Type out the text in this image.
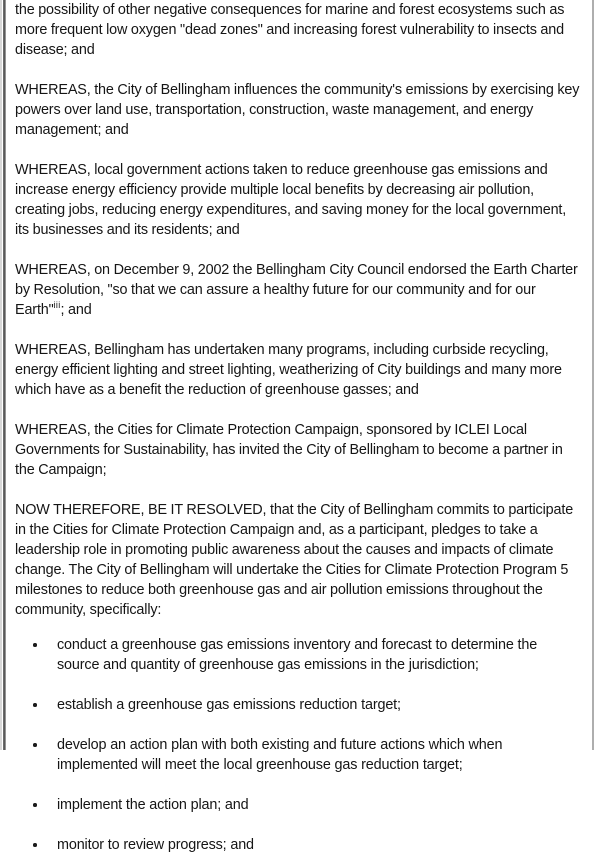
the possibility of other negative consequences for marine and forest ecosystems such as more frequent low oxygen "dead zones" and increasing forest vulnerability to insects and disease; and

WHEREAS, the City of Bellingham influences the community's emissions by exercising key powers over land use, transportation, construction, waste management, and energy management; and

WHEREAS, local government actions taken to reduce greenhouse gas emissions and increase energy efficiency provide multiple local benefits by decreasing air pollution, creating jobs, reducing energy expenditures, and saving money for the local government, its businesses and its residents; and

WHEREAS, on December 9, 2002 the Bellingham City Council endorsed the Earth Charter by Resolution, "so that we can assure a healthy future for our community and for our Earth"$^{iii}$; and

WHEREAS, Bellingham has undertaken many programs, including curbside recycling, energy efficient lighting and street lighting, weatherizing of City buildings and many more which have as a benefit the reduction of greenhouse gasses; and

WHEREAS, the Cities for Climate Protection Campaign, sponsored by ICLEI Local Governments for Sustainability, has invited the City of Bellingham to become a partner in the Campaign;

NOW THEREFORE, BE IT RESOLVED, that the City of Bellingham commits to participate in the Cities for Climate Protection Campaign and, as a participant, pledges to take a leadership role in promoting public awareness about the causes and impacts of climate change. The City of Bellingham will undertake the Cities for Climate Protection Program 5 milestones to reduce both greenhouse gas and air pollution emissions throughout the community, specifically:

conduct a greenhouse gas emissions inventory and forecast to determine the source and quantity of greenhouse gas emissions in the jurisdiction;
establish a greenhouse gas emissions reduction target;
develop an action plan with both existing and future actions which when implemented will meet the local greenhouse gas reduction target;
implement the action plan; and
monitor to review progress; and
